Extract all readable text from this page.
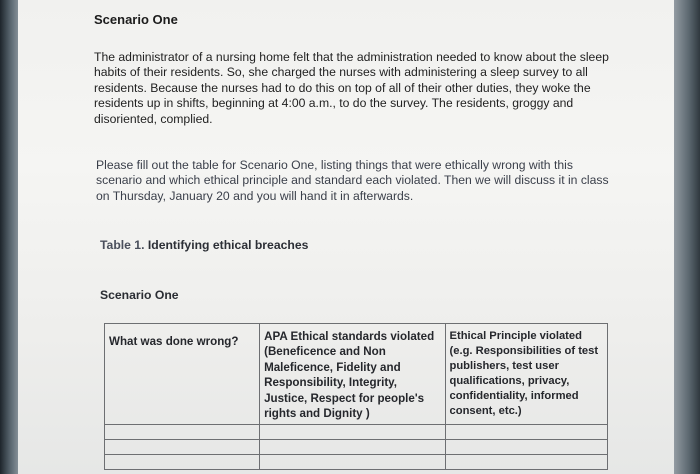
Scenario One

The administrator of a nursing home felt that the administration needed to know about the sleep habits of their residents. So, she charged the nurses with administering a sleep survey to all residents. Because the nurses had to do this on top of all of their other duties, they woke the residents up in shifts, beginning at 4:00 a.m., to do the survey. The residents, groggy and disoriented, complied.

Please fill out the table for Scenario One, listing things that were ethically wrong with this scenario and which ethical principle and standard each violated. Then we will discuss it in class on Thursday, January 20 and you will hand it in afterwards.

Table 1. Identifying ethical breaches

Scenario One

What was done wrong?	APA Ethical standards violated (Beneficence and Non Maleficence, Fidelity and Responsibility, Integrity, Justice, Respect for people's rights and Dignity )	Ethical Principle violated (e.g. Responsibilities of test publishers, test user qualifications, privacy, confidentiality, informed consent, etc.)
